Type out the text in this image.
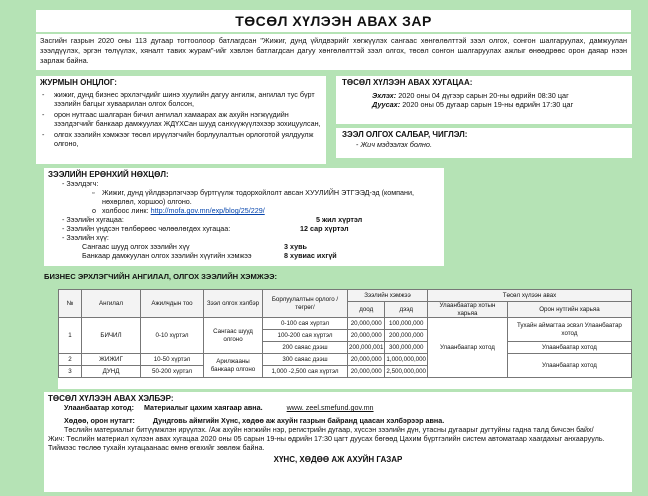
ТӨСӨЛ ХҮЛЭЭН АВАХ ЗАР
Засгийн газрын 2020 оны 113 дугаар тогтоолоор батлагдсан "Жижиг, дунд үйлдвэрийг хөгжүүлэх сангаас хөнгөлөлттэй зээл олгох, сонгон шалгаруулах, дамжуулан зээлдүүлэх, эргэн төлүүлэх, хяналт тавих журам"-ийг хэвлэн батлагдсан дагуу хөнгөлөлттэй зээл олгох, төсөл сонгон шалгаруулах ажлыг өнөөдрөөс орон даяар нээн зарлаж байна.
ЖУРМЫН ОНЦЛОГ:
- жижиг, дунд бизнес эрхлэгчдийг шинэ хуулийн дагуу ангилж, ангилал тус бүрт зээлийн багцыг хуваарилан олгох болсон,
- орон нутгаас шалгаран бичил ангилал хамаарах аж ахуйн нэгжүүдийн зээлдэгчийг банкаар дамжуулах ЖДҮХСан шууд санхүүжүүлэхээр зохицуулсан,
- олгох зээлийн хэмжээг төсөл ирүүлэгчийн борлуулалтын орлоготой уялдуулж олгоно,
ТӨСӨЛ ХҮЛЭЭН АВАХ ХУГАЦАА:
Эхлэх: 2020 оны 04 дүгээр сарын 20-ны өдрийн 08:30 цаг
Дуусах: 2020 оны 05 дугаар сарын 19-ны өдрийн 17:30 цаг
ЗЭЭЛ ОЛГОХ САЛБАР, ЧИГЛЭЛ:
- Жич мэдээлэх болно.
ЗЭЭЛИЙН ЕРӨНХИЙ НӨХЦӨЛ:
- Зээлдэгч:
▫ Жижиг, дунд үйлдвэрлэгчээр бүртгүүлж тодорхойлолт авсан ХУУЛИЙН ЭТГЭЭД-эд (компани, нөхөрлөл, хоршоо) олгоно.
o холбоос линк: http://mofa.gov.mn/exp/blog/25/229/
- Зээлийн хугацаа:	5 жил хүртэл
- Зээлийн үндсэн төлбөрөөс чөлөөлөгдөх хугацаа:	12 сар хүртэл
- Зээлийн хүү:
Сангаас шууд олгох зээлийн хүү	3 хувь
Банкаар дамжуулан олгох зээлийн хүүгийн хэмжээ	8 хувиас ихгүй
БИЗНЕС ЭРХЛЭГЧИЙН АНГИЛАЛ, ОЛГОХ ЗЭЭЛИЙН ХЭМЖЭЭ:
№	Ангилал	Ажилчдын тоо	Зээл олгох хэлбэр	Борлуулалтын орлого /төгрөг/	Зээлийн хэмжээ		Төсөл хүлээн авах	
					доод	дээд	Улаанбаатар хотын харьяа	Орон нутгийн харьяа
1	БИЧИЛ	0-10 хүртэл	Сангаас шууд олгоно	0-100 сая хүртэл	20,000,000	100,000,000	Улаанбаатар хотод	Тухайн аймагтаа эсвэл Улаанбаатар хотод
				100-200 сая хүртэл	20,000,000	200,000,000		
				200 саяас дээш	200,000,001	300,000,000		Улаанбаатар хотод
2	ЖИЖИГ	10-50 хүртэл	Арилжааны банкаар олгоно	300 саяас дээш	20,000,000	1,000,000,000		Улаанбаатар хотод
3	ДУНД	50-200 хүртэл		1,000 -2,500 сая хүртэл	20,000,000	2,500,000,000		
ТӨСӨЛ ХҮЛЭЭН АВАХ ХЭЛБЭР:
Улаанбаатар хотод: Материалыг цахим хаягаар авна.	www. zeel.smefund.gov.mn
Хөдөө, орон нутагт:	Дундговь аймгийн Хүнс, хөдөө аж ахуйн газрын байранд цаасан хэлбэрээр авна.
Төслийн материалыг битүүмжлэн ирүүлэх. /Аж ахуйн нэгжийн нэр, регистрийн дугаар, хүссэн зээлийн дүн, утасны дугаарыг дугтуйны гадна талд бичсэн байх/
Жич: Төслийн материал хүлээн авах хугацаа 2020 оны 05 сарын 19-ны өдрийн 17:30 цагт дуусах бөгөөд Цахим бүртгэлийн систем автоматаар хаагдахыг анхаарууль. Тиймээс төслөө тухайн хугацаанаас өмнө өгөхийг зөвлөж байна.
ХҮНС, ХӨДӨӨ АЖ АХУЙН ГАЗАР
